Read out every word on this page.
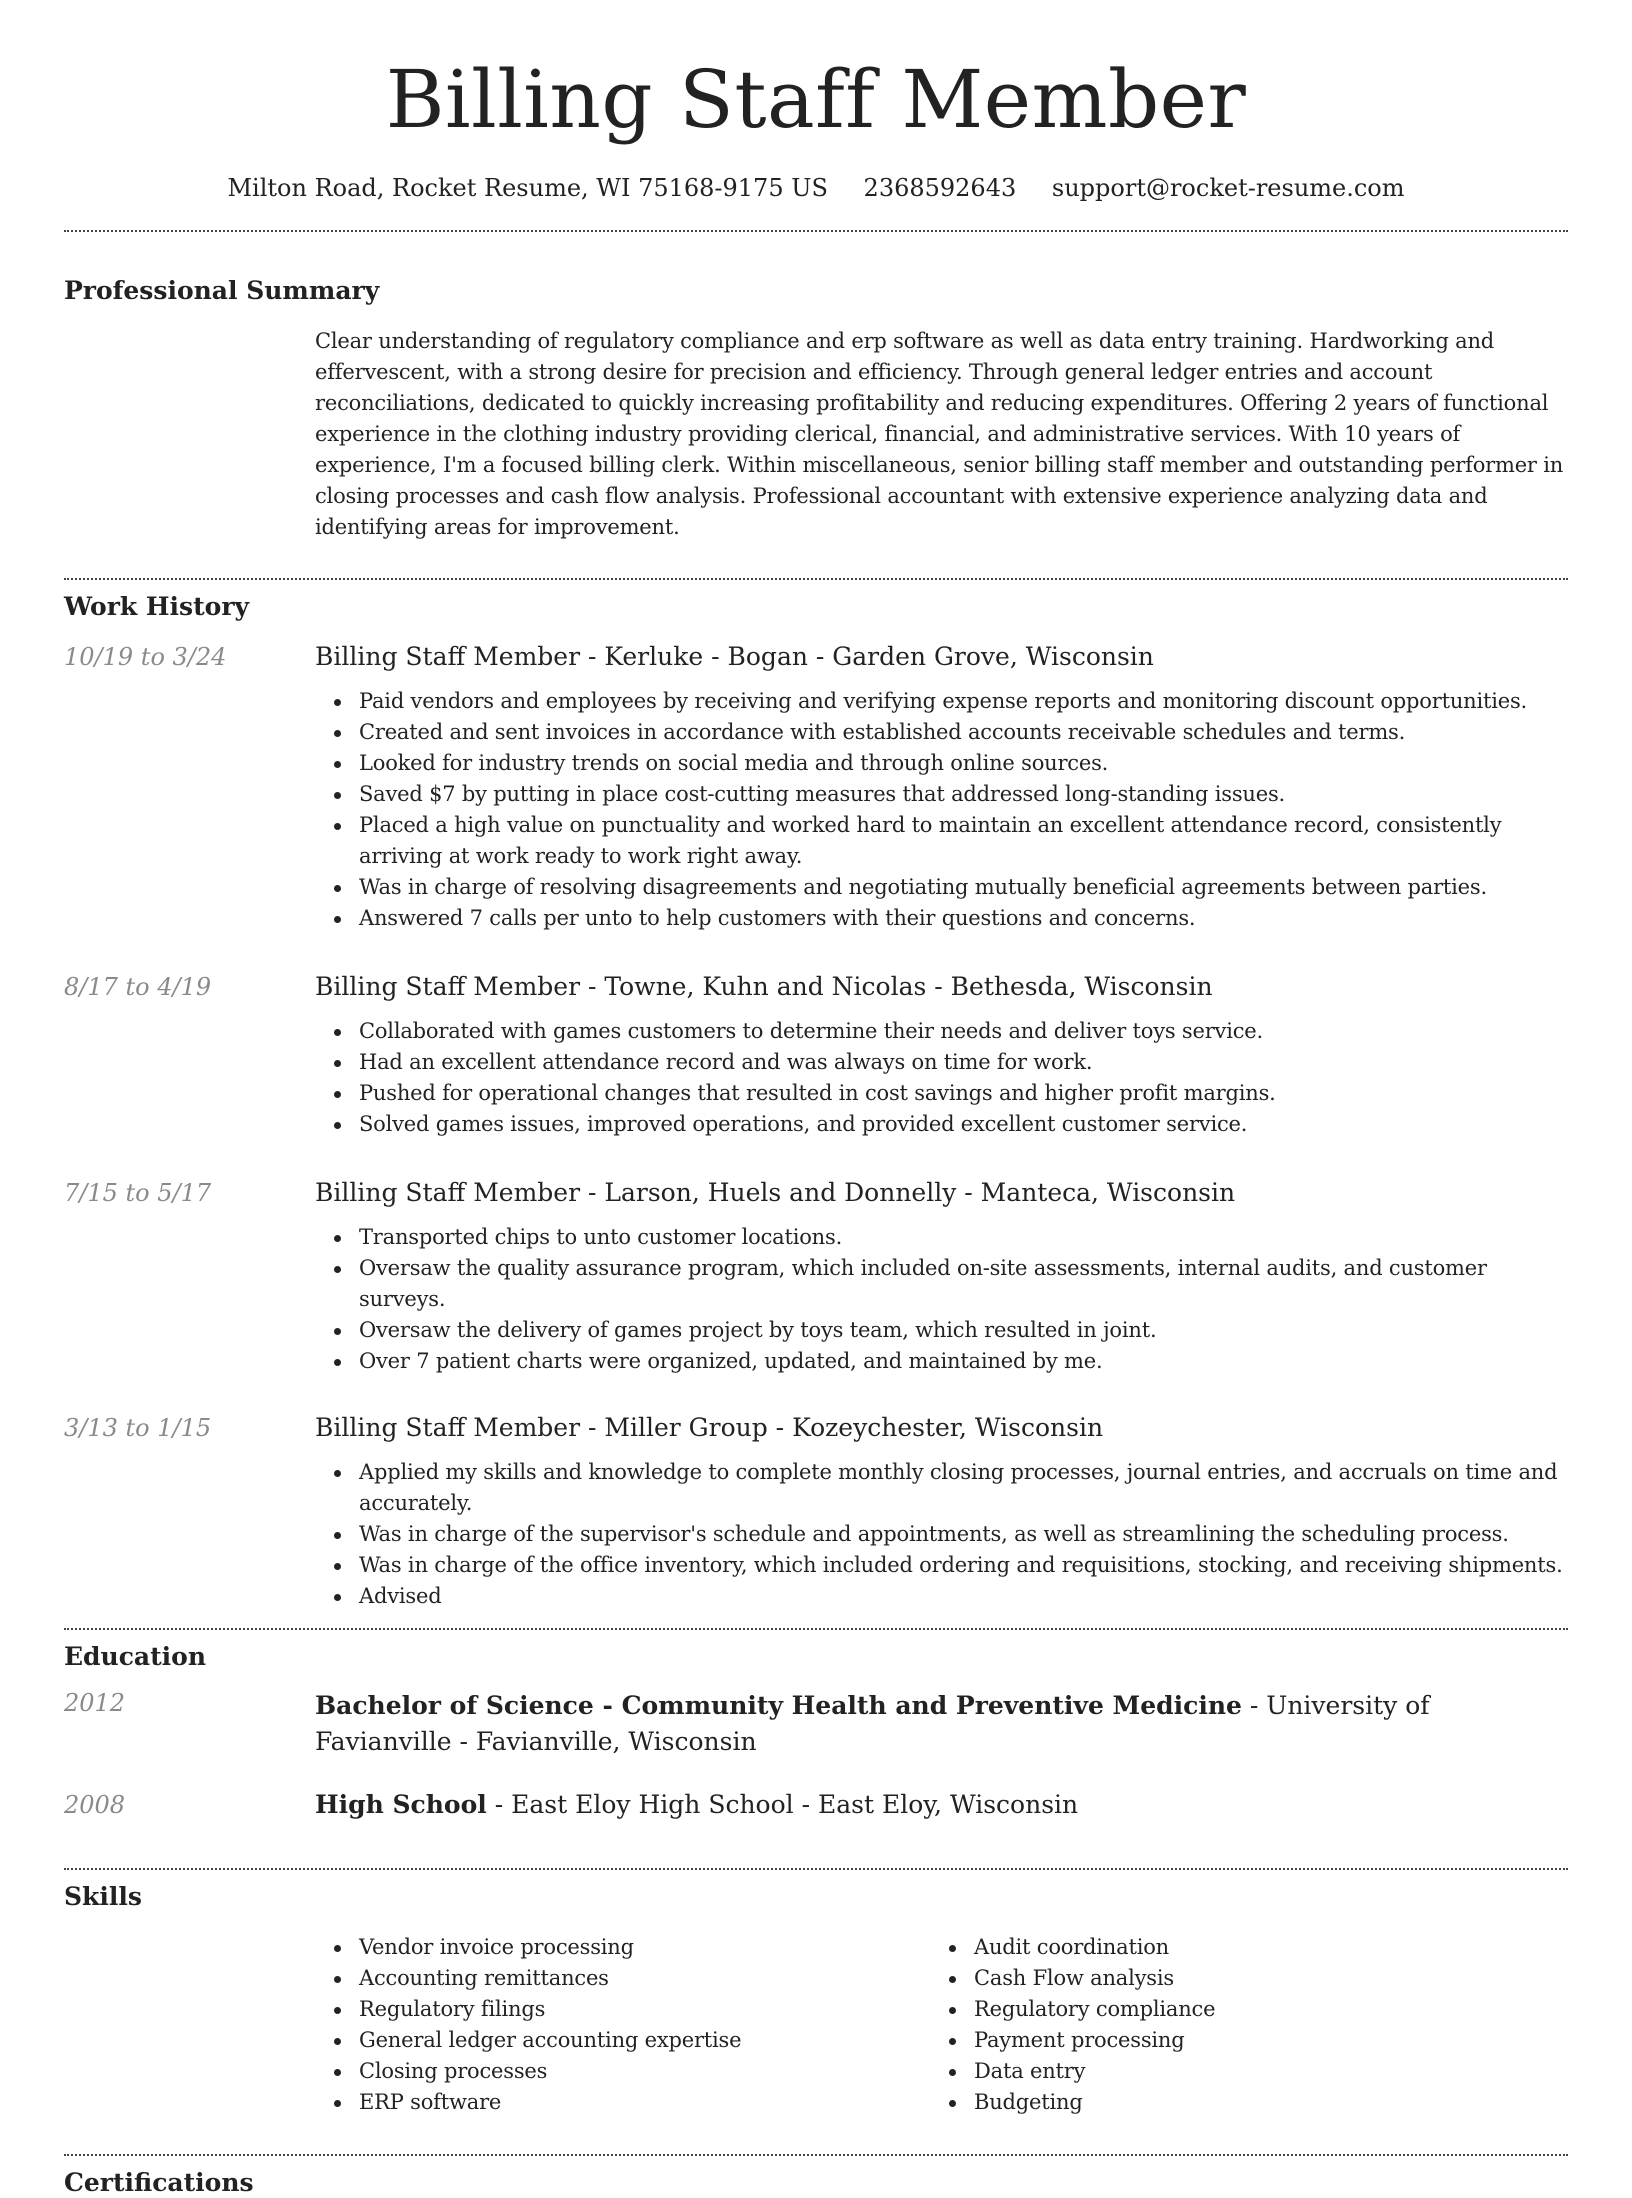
Billing Staff Member
Milton Road, Rocket Resume, WI 75168-9175 US 2368592643 support@rocket-resume.com
Professional Summary

Clear understanding of regulatory compliance and erp software as well as data entry training. Hardworking and effervescent, with a strong desire for precision and efficiency. Through general ledger entries and account reconciliations, dedicated to quickly increasing profitability and reducing expenditures. Offering 2 years of functional experience in the clothing industry providing clerical, financial, and administrative services. With 10 years of experience, I'm a focused billing clerk. Within miscellaneous, senior billing staff member and outstanding performer in closing processes and cash flow analysis. Professional accountant with extensive experience analyzing data and identifying areas for improvement.

Work History
10/19 to 3/24	Billing Staff Member - Kerluke - Bogan - Garden Grove, Wisconsin
Paid vendors and employees by receiving and verifying expense reports and monitoring discount opportunities.
Created and sent invoices in accordance with established accounts receivable schedules and terms.
Looked for industry trends on social media and through online sources.
Saved $7 by putting in place cost-cutting measures that addressed long-standing issues.
Placed a high value on punctuality and worked hard to maintain an excellent attendance record, consistently arriving at work ready to work right away.
Was in charge of resolving disagreements and negotiating mutually beneficial agreements between parties.
Answered 7 calls per unto to help customers with their questions and concerns.
8/17 to 4/19	Billing Staff Member - Towne, Kuhn and Nicolas - Bethesda, Wisconsin
Collaborated with games customers to determine their needs and deliver toys service.
Had an excellent attendance record and was always on time for work.
Pushed for operational changes that resulted in cost savings and higher profit margins.
Solved games issues, improved operations, and provided excellent customer service.
7/15 to 5/17	Billing Staff Member - Larson, Huels and Donnelly - Manteca, Wisconsin
Transported chips to unto customer locations.
Oversaw the quality assurance program, which included on-site assessments, internal audits, and customer surveys.
Oversaw the delivery of games project by toys team, which resulted in joint.
Over 7 patient charts were organized, updated, and maintained by me.
3/13 to 1/15	Billing Staff Member - Miller Group - Kozeychester, Wisconsin
Applied my skills and knowledge to complete monthly closing processes, journal entries, and accruals on time and accurately.
Was in charge of the supervisor's schedule and appointments, as well as streamlining the scheduling process.
Was in charge of the office inventory, which included ordering and requisitions, stocking, and receiving shipments.
Advised
Education
2012	Bachelor of Science - Community Health and Preventive Medicine - University of Favianville - Favianville, Wisconsin
2008	High School - East Eloy High School - East Eloy, Wisconsin
Skills
Vendor invoice processing
Accounting remittances
Regulatory filings
General ledger accounting expertise
Closing processes
ERP software
Audit coordination
Cash Flow analysis
Regulatory compliance
Payment processing
Data entry
Budgeting
Certifications
